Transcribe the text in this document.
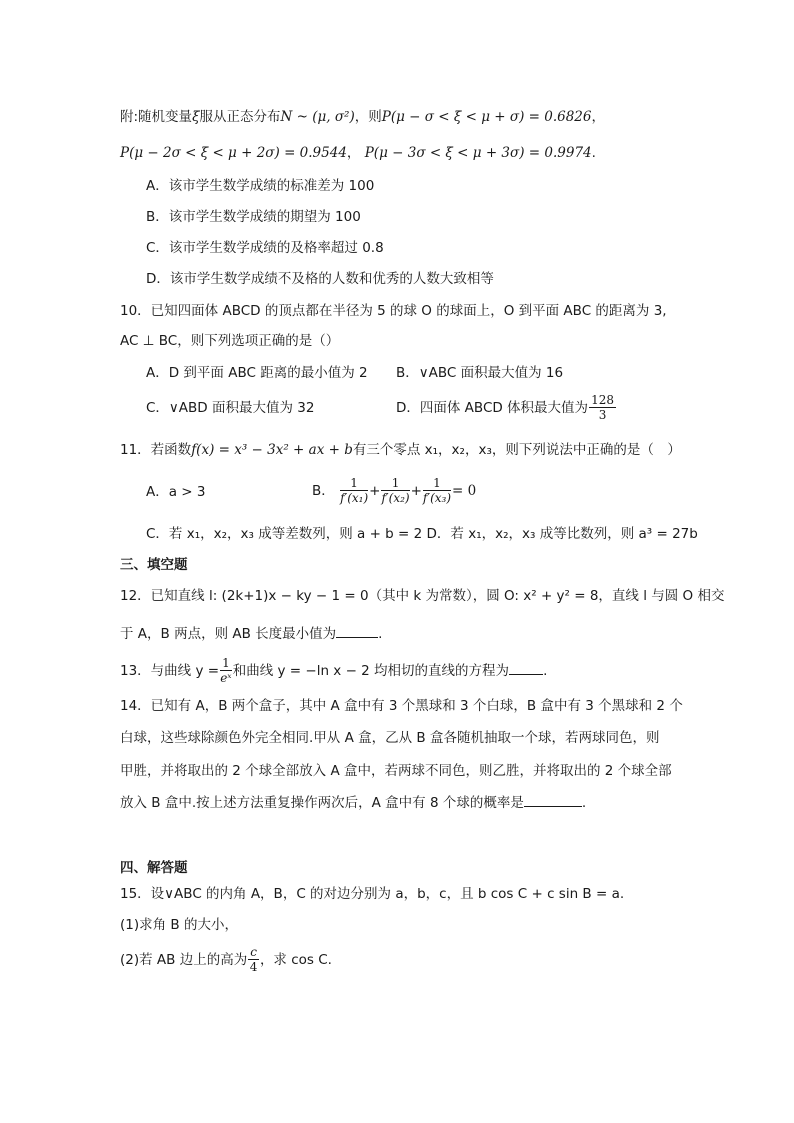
附:随机变量ξ服从正态分布N ~ (μ, σ²)，则P(μ − σ < ξ < μ + σ) = 0.6826，
P(μ − 2σ < ξ < μ + 2σ) = 0.9544， P(μ − 3σ < ξ < μ + 3σ) = 0.9974.
A．该市学生数学成绩的标准差为 100
B．该市学生数学成绩的期望为 100
C．该市学生数学成绩的及格率超过 0.8
D．该市学生数学成绩不及格的人数和优秀的人数大致相等
10．已知四面体 ABCD 的顶点都在半径为 5 的球 O 的球面上，O 到平面 ABC 的距离为 3,
AC ⊥ BC，则下列选项正确的是（）
A．D 到平面 ABC 距离的最小值为 2 B．∨ABC 面积最大值为 16
C．∨ABD 面积最大值为 32	D．四面体 ABCD 体积最大值为 $\frac{128}{3}$
11．若函数f(x) = x³ − 3x² + ax + b有三个零点 x₁，x₂，x₃，则下列说法中正确的是（　）
A．a > 3	B． $\frac{1}{\text{f′(x₁)}} + \frac{1}{\text{f′(x₂)}} + \frac{1}{\text{f′(x₃)}} = 0$
C．若 x₁，x₂，x₃ 成等差数列，则 a + b = 2 D．若 x₁，x₂，x₃ 成等比数列，则 a³ = 27b
三、填空题
12．已知直线 l: (2k+1)x − ky − 1 = 0（其中 k 为常数），圆 O: x² + y² = 8，直线 l 与圆 O 相交
于 A，B 两点，则 AB 长度最小值为	.
13．与曲线 $y = \frac{1}{\text{eˣ}}$ 和曲线 y = −ln x − 2 均相切的直线的方程为	.
14．已知有 A，B 两个盒子，其中 A 盒中有 3 个黑球和 3 个白球，B 盒中有 3 个黑球和 2 个
白球，这些球除颜色外完全相同.甲从 A 盒，乙从 B 盒各随机抽取一个球，若两球同色，则
甲胜，并将取出的 2 个球全部放入 A 盒中，若两球不同色，则乙胜，并将取出的 2 个球全部
放入 B 盒中.按上述方法重复操作两次后，A 盒中有 8 个球的概率是	.
四、解答题
15．设∨ABC 的内角 A，B，C 的对边分别为 a，b，c，且 b cos C + c sin B = a.
(1)求角 B 的大小，
(2)若 AB 边上的高为 $\frac{c}{4}$ ，求 cos C.
